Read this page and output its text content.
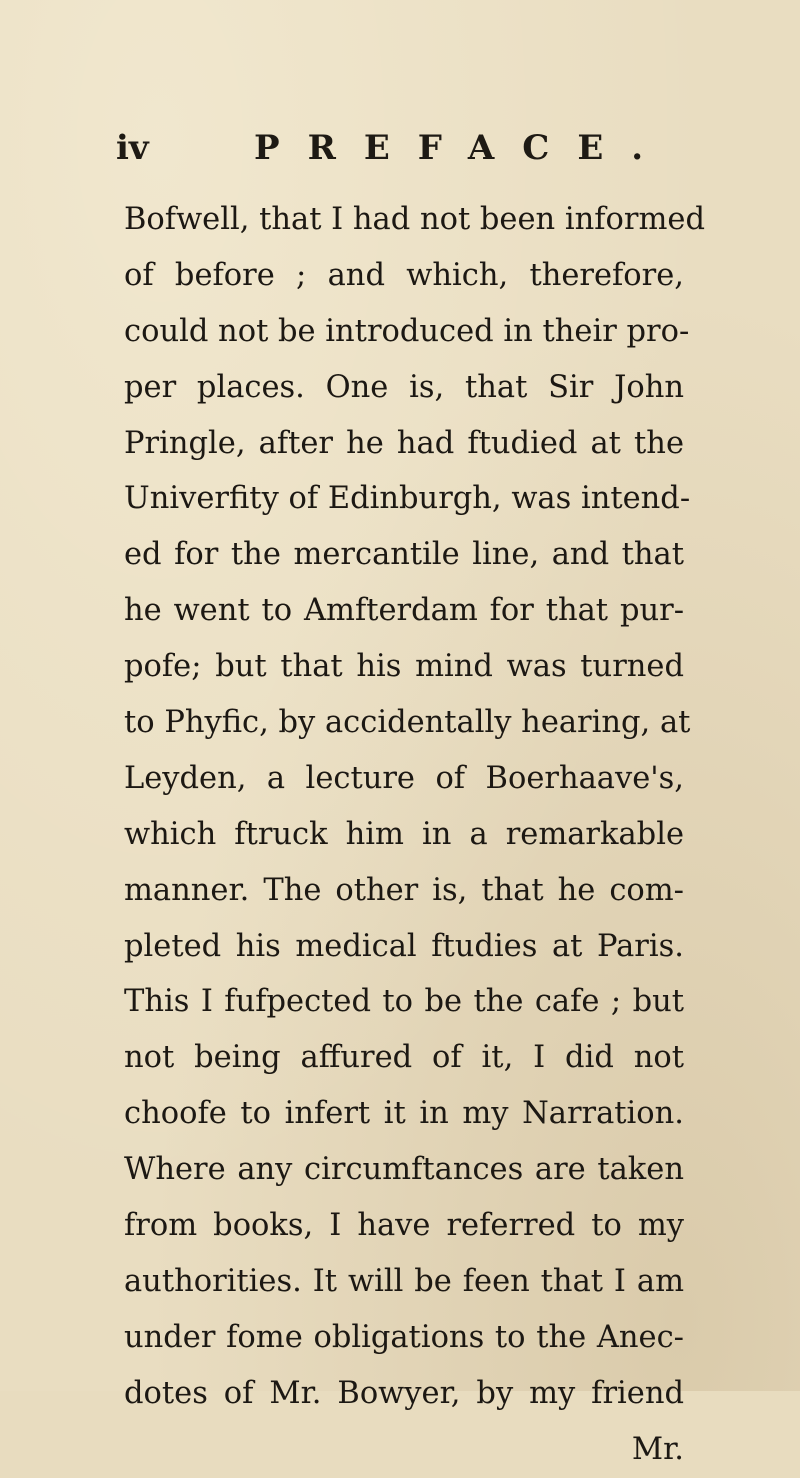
iv	PREFACE.
Bofwell, that I had not been informed
of before ; and which, therefore,
could not be introduced in their pro-
per places. One is, that Sir John
Pringle, after he had ftudied at the
Univerfity of Edinburgh, was intend-
ed for the mercantile line, and that
he went to Amfterdam for that pur-
pofe; but that his mind was turned
to Phyfic, by accidentally hearing, at
Leyden, a lecture of Boerhaave's,
which ftruck him in a remarkable
manner. The other is, that he com-
pleted his medical ftudies at Paris.
This I fufpected to be the cafe ; but
not being affured of it, I did not
choofe to infert it in my Narration.
Where any circumftances are taken
from books, I have referred to my
authorities. It will be feen that I am
under fome obligations to the Anec-
dotes of Mr. Bowyer, by my friend
Mr.
